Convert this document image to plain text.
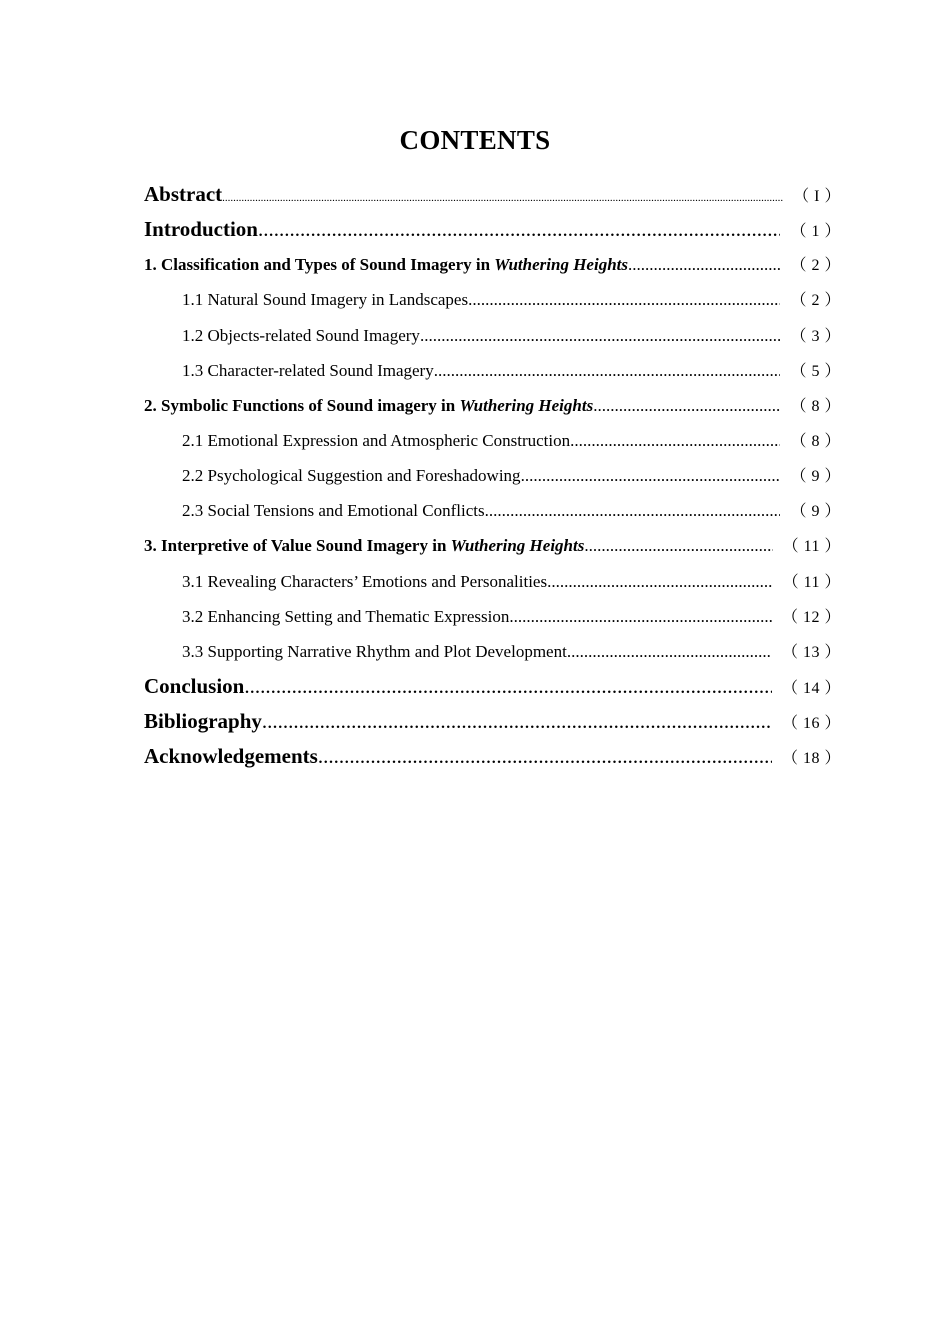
CONTENTS
Abstract .....	（ I ）
Introduction .....	（ 1 ）
1. Classification and Types of Sound Imagery in Wuthering Heights .....	（ 2 ）
1.1 Natural Sound Imagery in Landscapes .....	（ 2 ）
1.2 Objects-related Sound Imagery .....	（ 3 ）
1.3 Character-related Sound Imagery .....	（ 5 ）
2. Symbolic Functions of Sound imagery in Wuthering Heights .....	（ 8 ）
2.1 Emotional Expression and Atmospheric Construction .....	（ 8 ）
2.2 Psychological Suggestion and Foreshadowing .....	（ 9 ）
2.3 Social Tensions and Emotional Conflicts .....	（ 9 ）
3. Interpretive of Value Sound Imagery in Wuthering Heights .....	（ 11 ）
3.1 Revealing Characters’ Emotions and Personalities .....	（ 11 ）
3.2 Enhancing Setting and Thematic Expression .....	（ 12 ）
3.3 Supporting Narrative Rhythm and Plot Development .....	（ 13 ）
Conclusion .....	（ 14 ）
Bibliography .....	（ 16 ）
Acknowledgements .....	（ 18 ）
